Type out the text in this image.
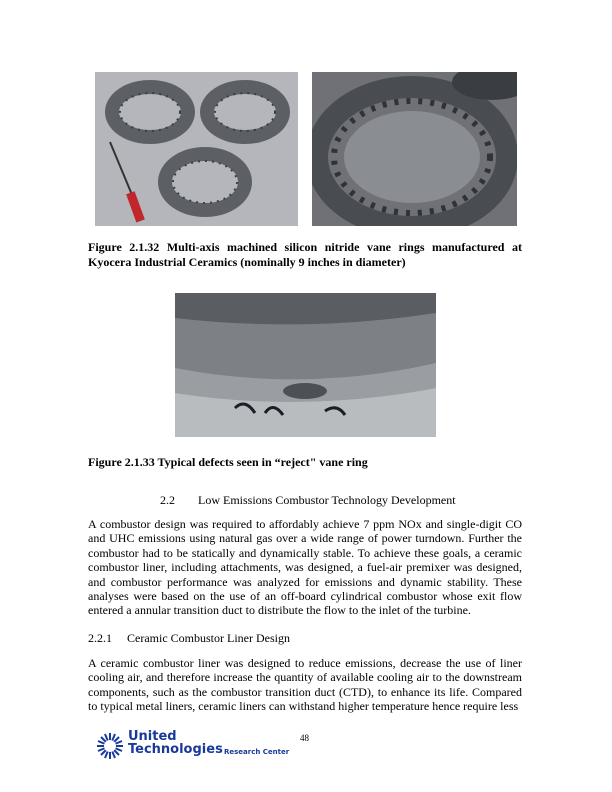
Figure 2.1.32 Multi-axis machined silicon nitride vane rings manufactured at Kyocera Industrial Ceramics (nominally 9 inches in diameter)
Figure 2.1.33 Typical defects seen in “reject" vane ring
2.2 Low Emissions Combustor Technology Development
A combustor design was required to affordably achieve 7 ppm NOx and single-digit CO and UHC emissions using natural gas over a wide range of power turndown. Further the combustor had to be statically and dynamically stable. To achieve these goals, a ceramic combustor liner, including attachments, was designed, a fuel-air premixer was designed, and combustor performance was analyzed for emissions and dynamic stability. These analyses were based on the use of an off-board cylindrical combustor whose exit flow entered a annular transition duct to distribute the flow to the inlet of the turbine.
2.2.1 Ceramic Combustor Liner Design
A ceramic combustor liner was designed to reduce emissions, decrease the use of liner cooling air, and therefore increase the quantity of available cooling air to the downstream components, such as the combustor transition duct (CTD), to enhance its life. Compared to typical metal liners, ceramic liners can withstand higher temperature hence require less
United
Technologies Research Center
48
